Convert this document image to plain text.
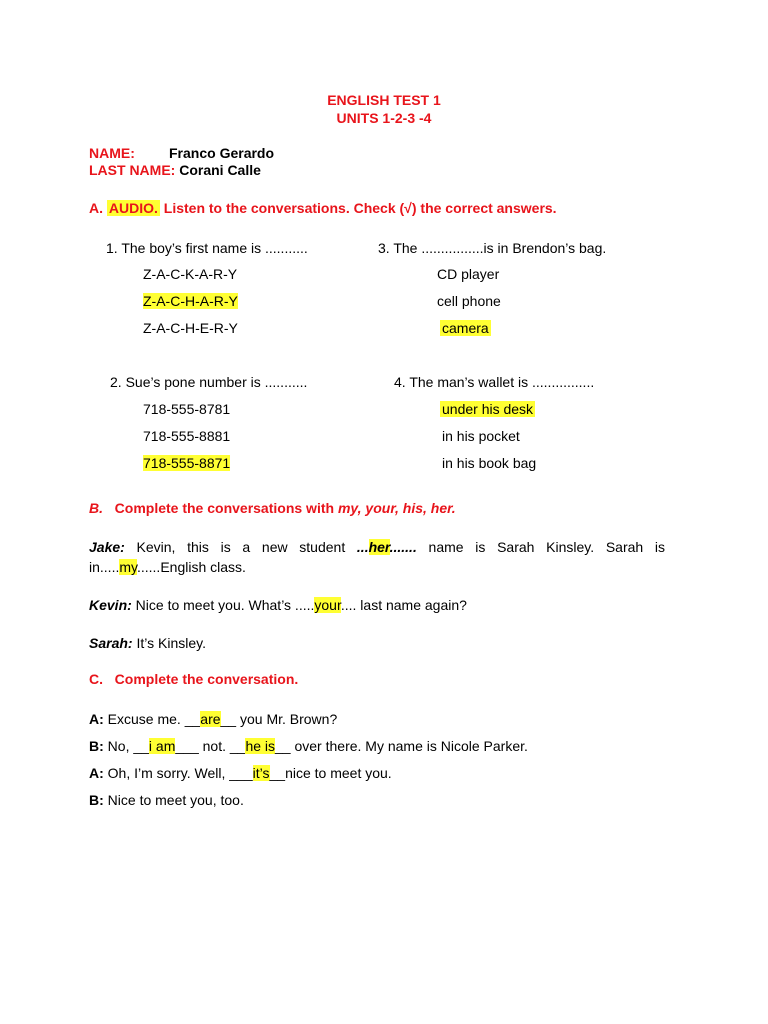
ENGLISH TEST 1
UNITS 1-2-3 -4
NAME: Franco Gerardo
LAST NAME: Corani Calle
A. AUDIO. Listen to the conversations. Check (√) the correct answers.
1. The boy’s first name is ...........
Z-A-C-K-A-R-Y
Z-A-C-H-A-R-Y
Z-A-C-H-E-R-Y
3. The ................is in Brendon’s bag.
CD player
cell phone
camera
2. Sue’s pone number is ...........
718-555-8781
718-555-8881
718-555-8871
4. The man’s wallet is ................
under his desk
in his pocket
in his book bag
B. Complete the conversations with my, your, his, her.
Jake: Kevin, this is a new student ...her....... name is Sarah Kinsley. Sarah is in.....my......English class.
Kevin: Nice to meet you. What’s .....your.... last name again?
Sarah: It’s Kinsley.
C. Complete the conversation.
A: Excuse me. __are__ you Mr. Brown?
B: No, __i am___ not. __he is__ over there. My name is Nicole Parker.
A: Oh, I’m sorry. Well, ___it’s__nice to meet you.
B: Nice to meet you, too.
